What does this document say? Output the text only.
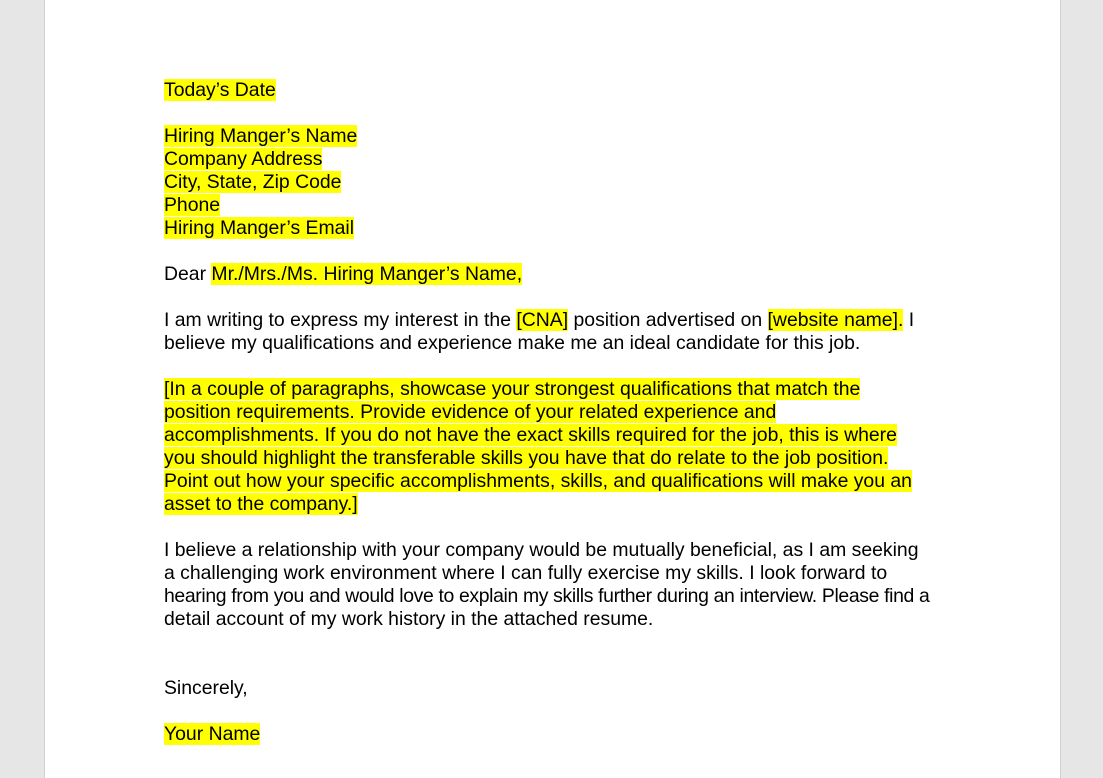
Today’s Date
Hiring Manger’s Name
Company Address
City, State, Zip Code
Phone
Hiring Manger’s Email
Dear Mr./Mrs./Ms. Hiring Manger’s Name,
I am writing to express my interest in the [CNA] position advertised on [website name]. I
believe my qualifications and experience make me an ideal candidate for this job.
[In a couple of paragraphs, showcase your strongest qualifications that match the
position requirements. Provide evidence of your related experience and
accomplishments. If you do not have the exact skills required for the job, this is where
you should highlight the transferable skills you have that do relate to the job position.
Point out how your specific accomplishments, skills, and qualifications will make you an
asset to the company.]
I believe a relationship with your company would be mutually beneficial, as I am seeking
a challenging work environment where I can fully exercise my skills. I look forward to
hearing from you and would love to explain my skills further during an interview. Please find a
detail account of my work history in the attached resume.
Sincerely,
Your Name
